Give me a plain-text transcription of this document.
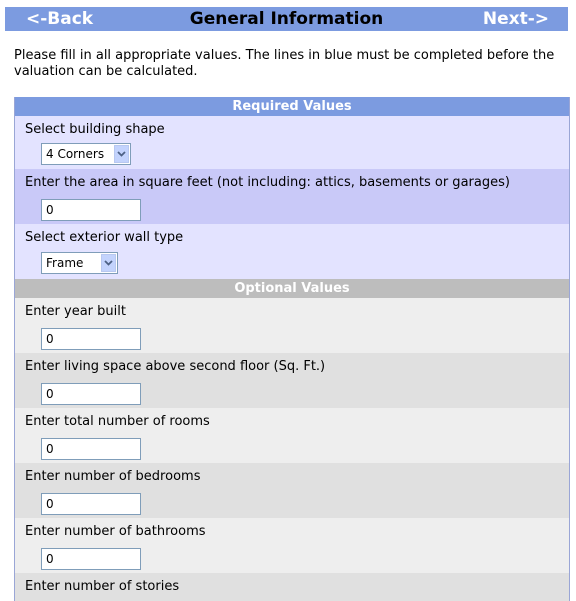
<-Back	General Information	Next->
Please fill in all appropriate values. The lines in blue must be completed before the valuation can be calculated.
Required Values
Select building shape
4 Corners
Enter the area in square feet (not including: attics, basements or garages)
0
Select exterior wall type
Frame
Optional Values
Enter year built
0
Enter living space above second floor (Sq. Ft.)
0
Enter total number of rooms
0
Enter number of bedrooms
0
Enter number of bathrooms
0
Enter number of stories
